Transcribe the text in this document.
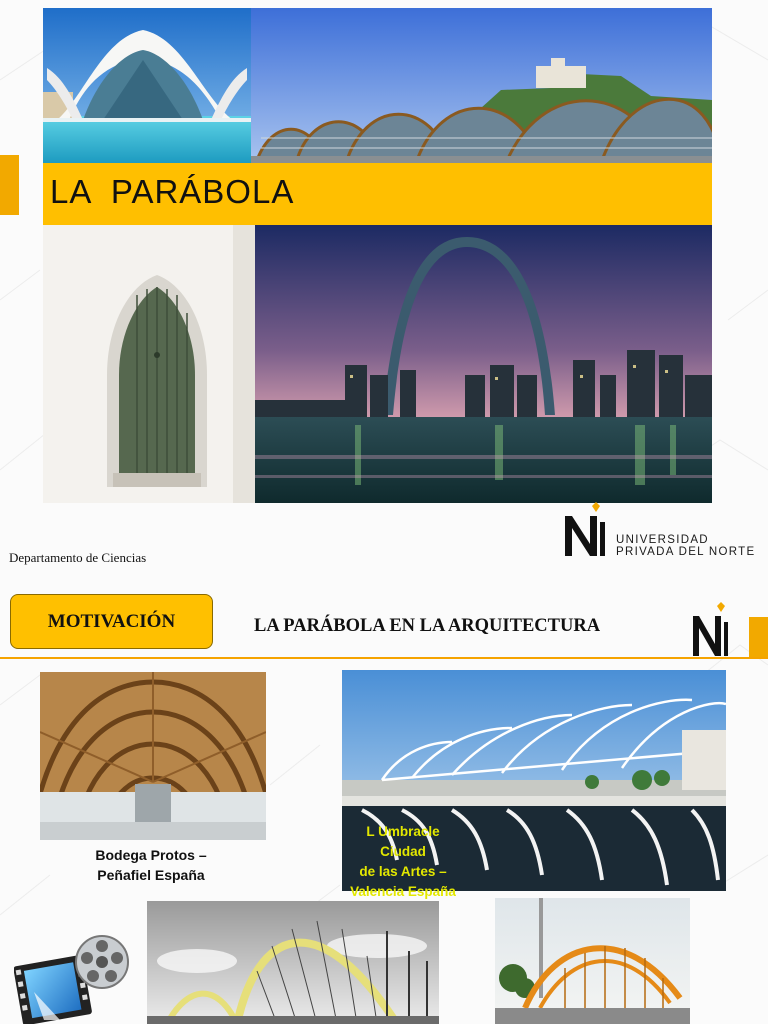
LA  PARÁBOLA
Departamento de Ciencias
UNIVERSIDAD
PRIVADA DEL NORTE
MOTIVACIÓN	LA PARÁBOLA EN LA ARQUITECTURA
Bodega Protos –
Peñafiel España
L Umbracle Ciudad
de las Artes –
Valencia España
